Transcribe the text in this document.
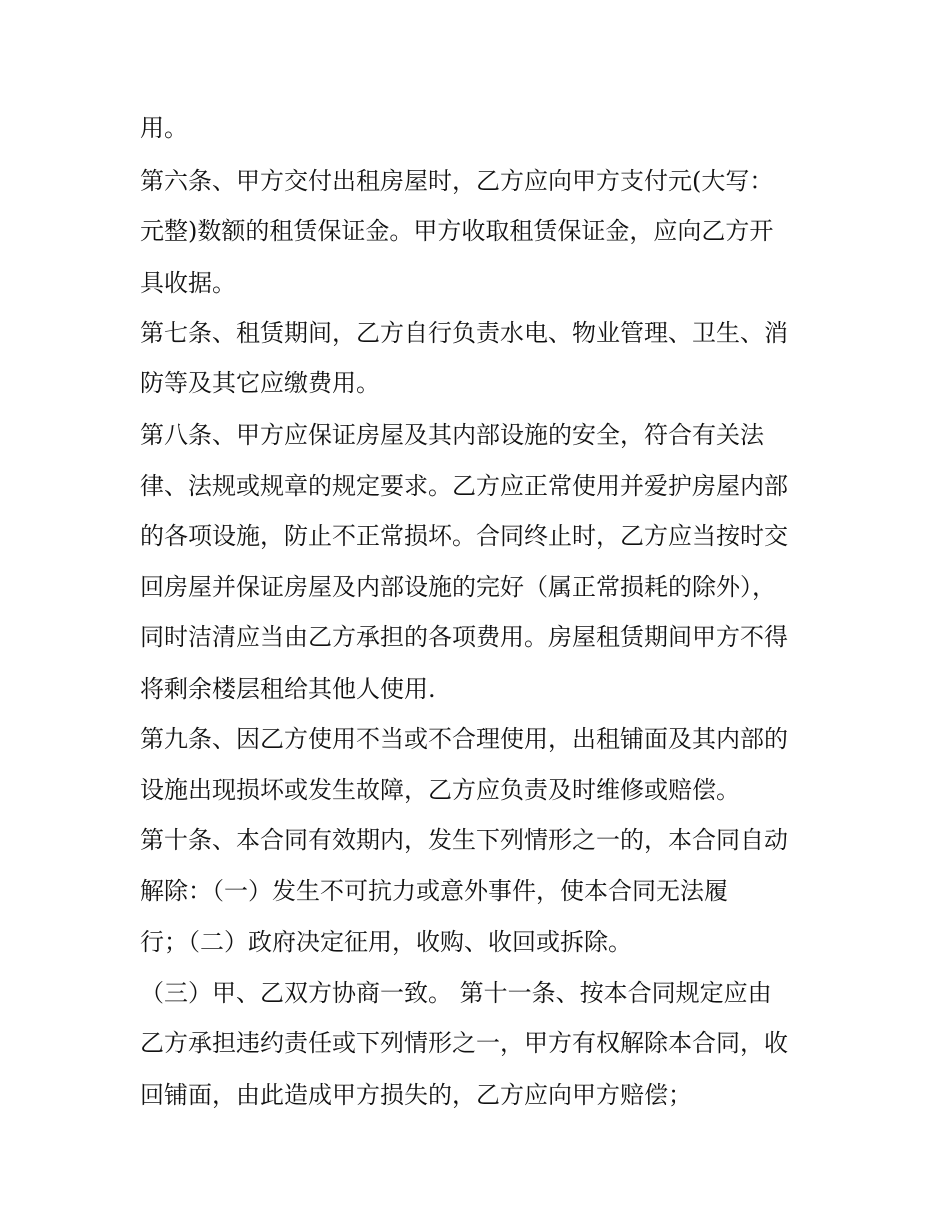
用。
第六条、甲方交付出租房屋时，乙方应向甲方支付元(大写：
元整)数额的租赁保证金。甲方收取租赁保证金，应向乙方开
具收据。
第七条、租赁期间，乙方自行负责水电、物业管理、卫生、消
防等及其它应缴费用。
第八条、甲方应保证房屋及其内部设施的安全，符合有关法
律、法规或规章的规定要求。乙方应正常使用并爱护房屋内部
的各项设施，防止不正常损坏。合同终止时，乙方应当按时交
回房屋并保证房屋及内部设施的完好（属正常损耗的除外），
同时洁清应当由乙方承担的各项费用。房屋租赁期间甲方不得
将剩余楼层租给其他人使用.
第九条、因乙方使用不当或不合理使用，出租铺面及其内部的
设施出现损坏或发生故障，乙方应负责及时维修或赔偿。
第十条、本合同有效期内，发生下列情形之一的，本合同自动
解除：（一）发生不可抗力或意外事件，使本合同无法履
行；（二）政府决定征用，收购、收回或拆除。
（三）甲、乙双方协商一致。 第十一条、按本合同规定应由
乙方承担违约责任或下列情形之一，甲方有权解除本合同，收
回铺面，由此造成甲方损失的，乙方应向甲方赔偿；
